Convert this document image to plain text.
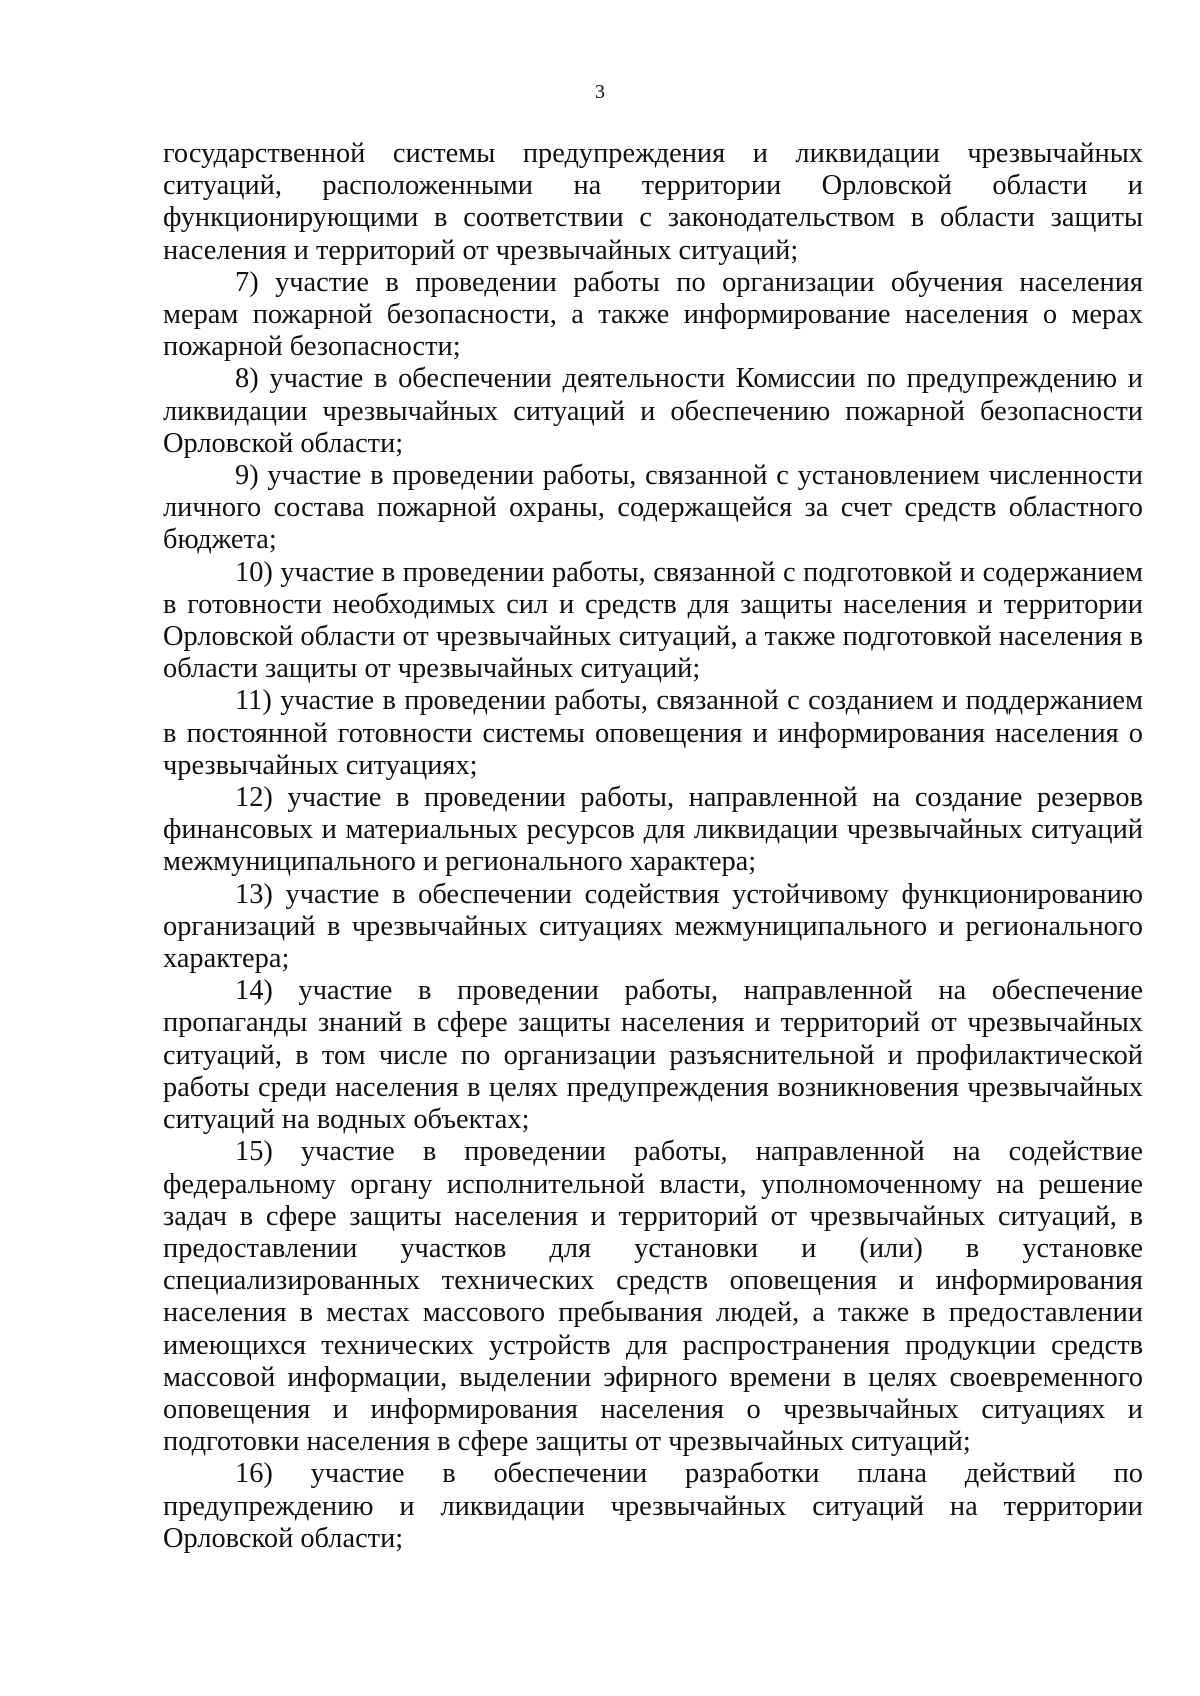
3

государственной системы предупреждения и ликвидации чрезвычайных ситуаций, расположенными на территории Орловской области и функционирующими в соответствии с законодательством в области защиты населения и территорий от чрезвычайных ситуаций;

7) участие в проведении работы по организации обучения населения мерам пожарной безопасности, а также информирование населения о мерах пожарной безопасности;

8) участие в обеспечении деятельности Комиссии по предупреждению и ликвидации чрезвычайных ситуаций и обеспечению пожарной безопасности Орловской области;

9) участие в проведении работы, связанной с установлением численности личного состава пожарной охраны, содержащейся за счет средств областного бюджета;

10) участие в проведении работы, связанной с подготовкой и содержанием в готовности необходимых сил и средств для защиты населения и территории Орловской области от чрезвычайных ситуаций, а также подготовкой населения в области защиты от чрезвычайных ситуаций;

11) участие в проведении работы, связанной с созданием и поддержанием в постоянной готовности системы оповещения и информирования населения о чрезвычайных ситуациях;

12) участие в проведении работы, направленной на создание резервов финансовых и материальных ресурсов для ликвидации чрезвычайных ситуаций межмуниципального и регионального характера;

13) участие в обеспечении содействия устойчивому функционированию организаций в чрезвычайных ситуациях межмуниципального и регионального характера;

14) участие в проведении работы, направленной на обеспечение пропаганды знаний в сфере защиты населения и территорий от чрезвычайных ситуаций, в том числе по организации разъяснительной и профилактической работы среди населения в целях предупреждения возникновения чрезвычайных ситуаций на водных объектах;

15) участие в проведении работы, направленной на содействие федеральному органу исполнительной власти, уполномоченному на решение задач в сфере защиты населения и территорий от чрезвычайных ситуаций, в предоставлении участков для установки и (или) в установке специализированных технических средств оповещения и информирования населения в местах массового пребывания людей, а также в предоставлении имеющихся технических устройств для распространения продукции средств массовой информации, выделении эфирного времени в целях своевременного оповещения и информирования населения о чрезвычайных ситуациях и подготовки населения в сфере защиты от чрезвычайных ситуаций;

16) участие в обеспечении разработки плана действий по предупреждению и ликвидации чрезвычайных ситуаций на территории Орловской области;
